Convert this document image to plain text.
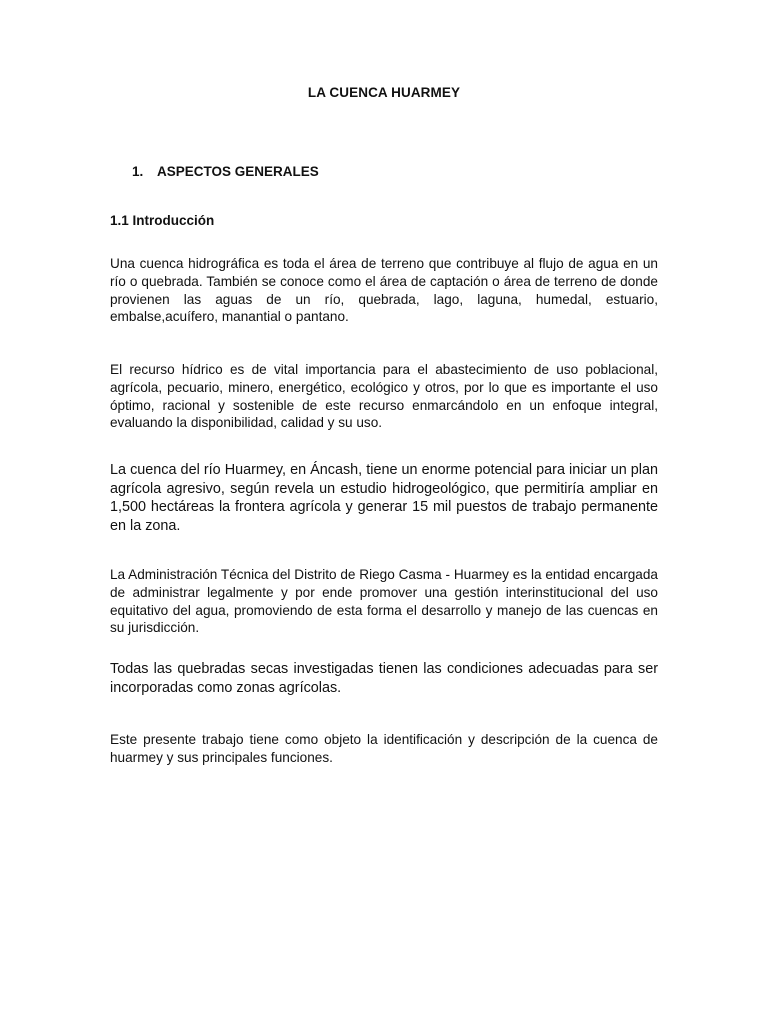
LA CUENCA HUARMEY
1. ASPECTOS GENERALES
1.1 Introducción

Una cuenca hidrográfica es toda el área de terreno que contribuye al flujo de agua en un río o quebrada. También se conoce como el área de captación o área de terreno de donde provienen las aguas de un río, quebrada, lago, laguna, humedal, estuario, embalse,acuífero, manantial o pantano.

El recurso hídrico es de vital importancia para el abastecimiento de uso poblacional, agrícola, pecuario, minero, energético, ecológico y otros, por lo que es importante el uso óptimo, racional y sostenible de este recurso enmarcándolo en un enfoque integral, evaluando la disponibilidad, calidad y su uso.

La cuenca del río Huarmey, en Áncash, tiene un enorme potencial para iniciar un plan agrícola agresivo, según revela un estudio hidrogeológico, que permitiría ampliar en 1,500 hectáreas la frontera agrícola y generar 15 mil puestos de trabajo permanente en la zona.

La Administración Técnica del Distrito de Riego Casma - Huarmey es la entidad encargada de administrar legalmente y por ende promover una gestión interinstitucional del uso equitativo del agua, promoviendo de esta forma el desarrollo y manejo de las cuencas en su jurisdicción.

Todas las quebradas secas investigadas tienen las condiciones adecuadas para ser incorporadas como zonas agrícolas.

Este presente trabajo tiene como objeto la identificación y descripción de la cuenca de huarmey y sus principales funciones.
